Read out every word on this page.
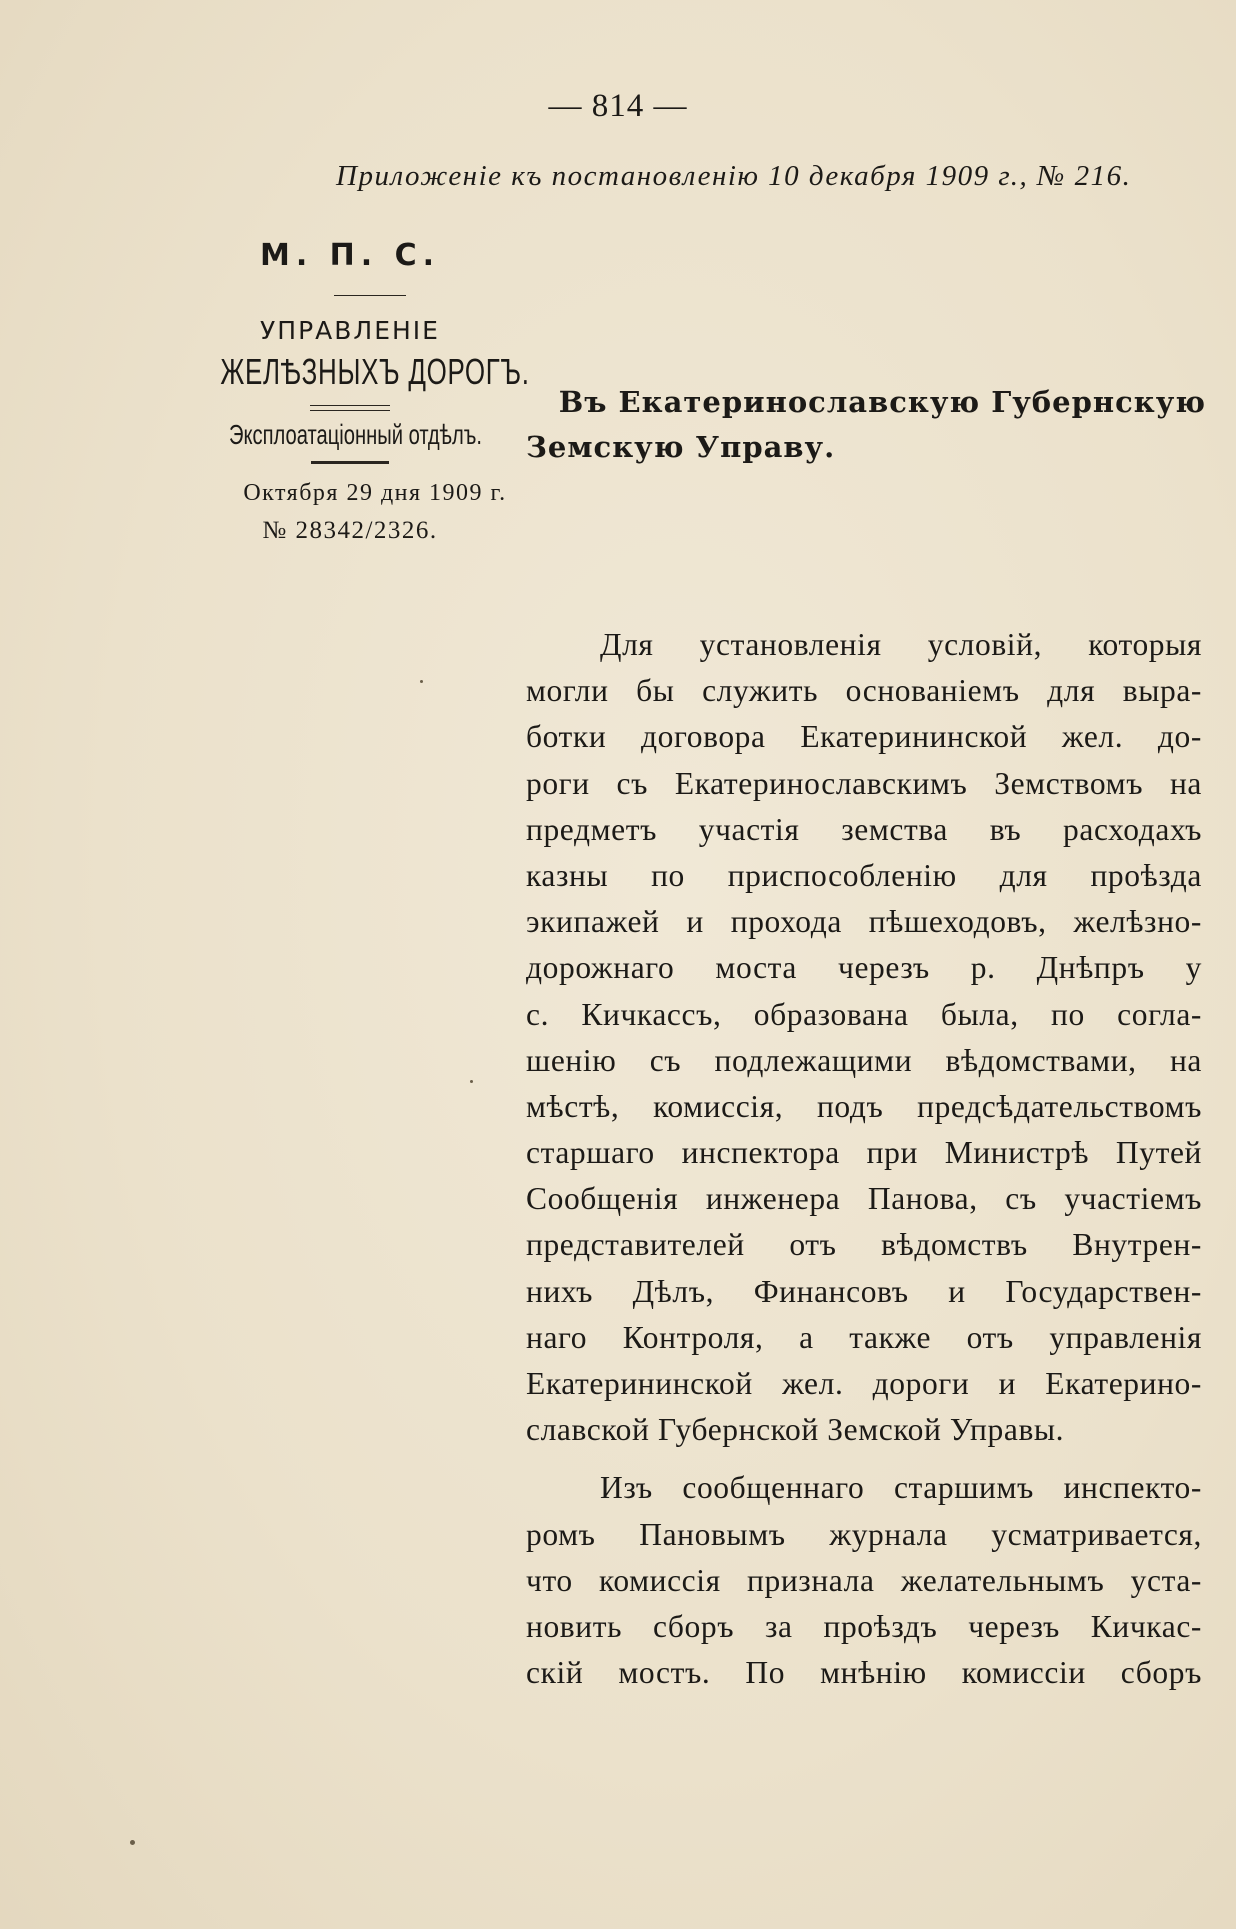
— 814 —
Приложеніе къ постановленію 10 декабря 1909 г., № 216.
М. П. С.
УПРАВЛЕНІЕ
ЖЕЛѢЗНЫХЪ ДОРОГЪ.
Эксплоатаціонный отдѣлъ.
Октября 29 дня 1909 г.
№ 28342/2326.
Въ Екатеринославскую Губернскую
Земскую Управу.
Для установленія условій, которыя
могли бы служить основаніемъ для выра-
ботки договора Екатерининской жел. до-
роги съ Екатеринославскимъ Земствомъ на
предметъ участія земства въ расходахъ
казны по приспособленію для проѣзда
экипажей и прохода пѣшеходовъ, желѣзно-
дорожнаго моста черезъ р. Днѣпръ у
с. Кичкассъ, образована была, по согла-
шенію съ подлежащими вѣдомствами, на
мѣстѣ, комиссія, подъ предсѣдательствомъ
старшаго инспектора при Министрѣ Путей
Сообщенія инженера Панова, съ участіемъ
представителей отъ вѣдомствъ Внутрен-
нихъ Дѣлъ, Финансовъ и Государствен-
наго Контроля, а также отъ управленія
Екатерининской жел. дороги и Екатерино-
славской Губернской Земской Управы.
Изъ сообщеннаго старшимъ инспекто-
ромъ Пановымъ журнала усматривается,
что комиссія признала желательнымъ уста-
новить сборъ за проѣздъ черезъ Кичкас-
скій мостъ. По мнѣнію комиссіи сборъ
